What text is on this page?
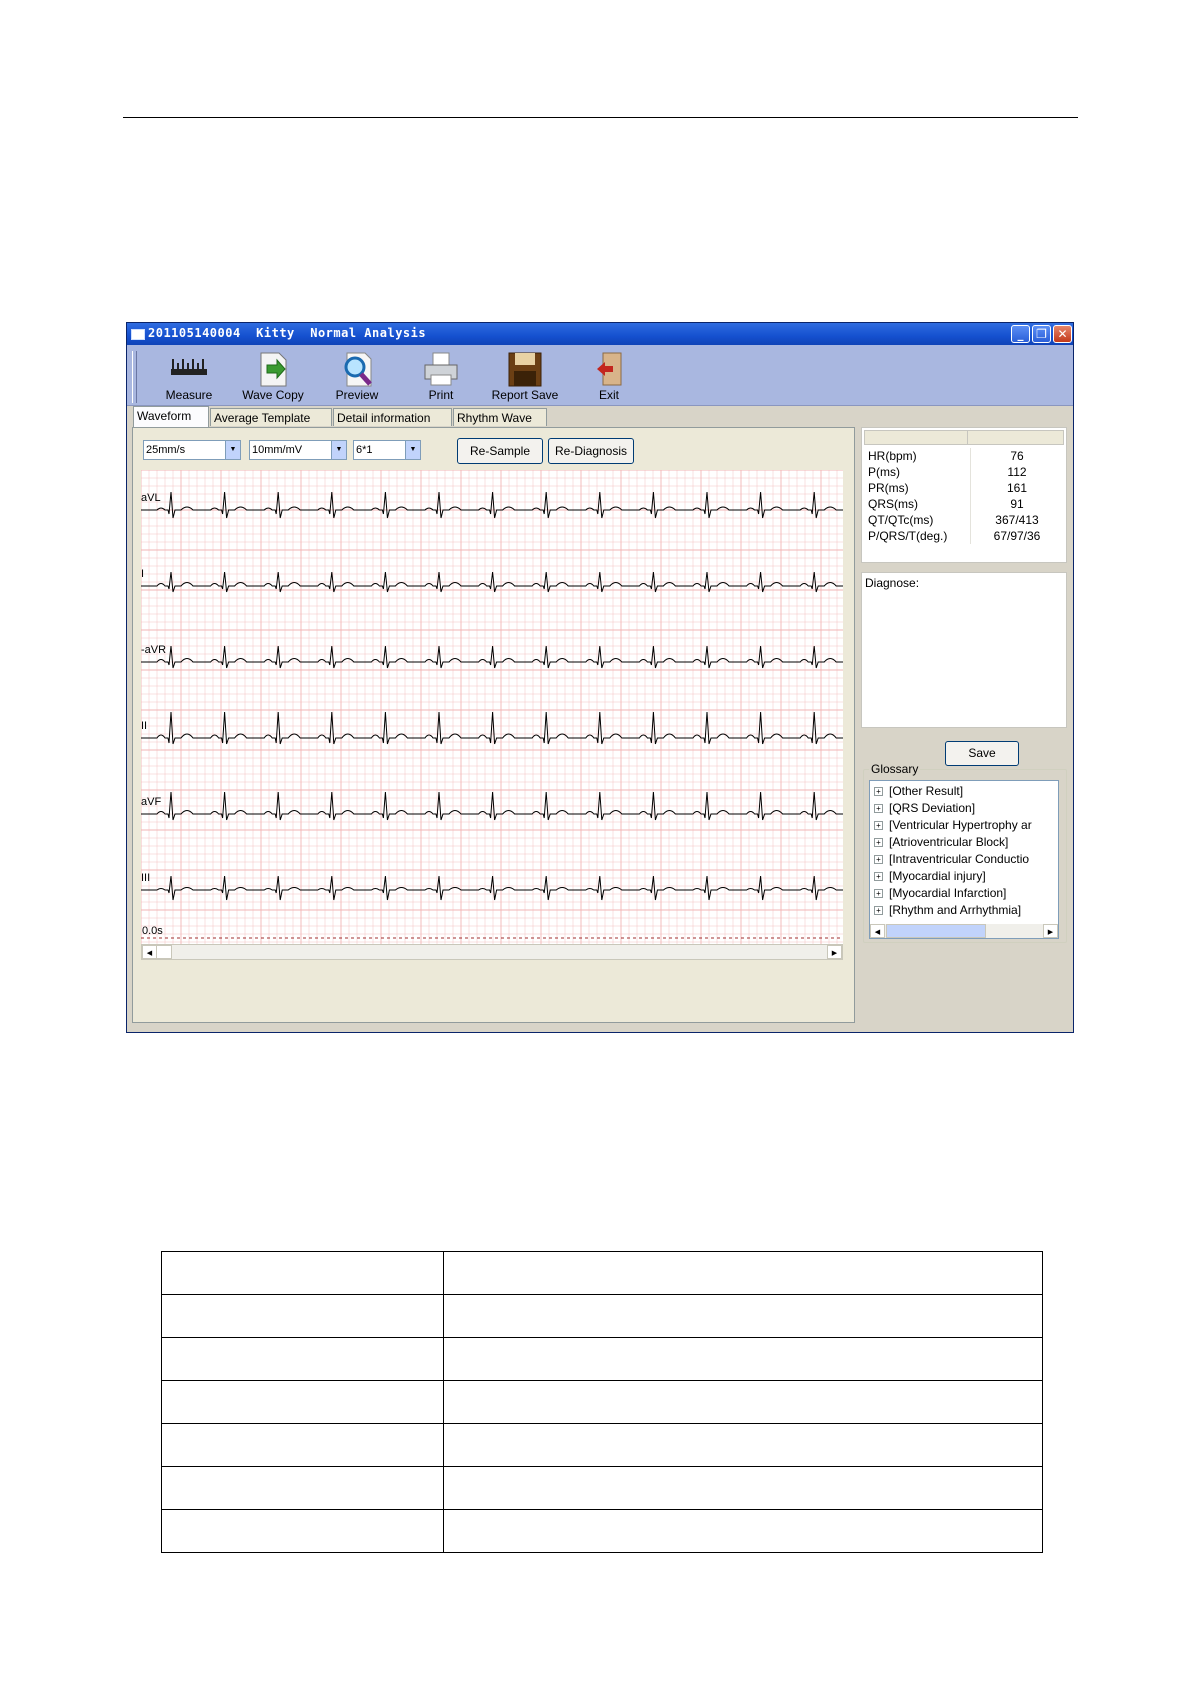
201105140004  Kitty  Normal Analysis	_	❐ ✕
Measure	Wave Copy	Preview	Print	Report Save	Exit
Waveform	Average Template	Detail information	Rhythm Wave
25mm/s	▼	10mm/mV	▼	6*1	▼	Re-Sample	Re-Diagnosis
aVL
I
-aVR
II
aVF
III
0.0s
◀	▶
HR(bpm)	76
P(ms)	112
PR(ms)	161
QRS(ms)	91
QT/QTc(ms)	367/413
P/QRS/T(deg.)	67/97/36
Diagnose:
Save
Glossary
+ [Other Result]
+ [QRS Deviation]
+ [Ventricular Hypertrophy ar
+ [Atrioventricular Block]
+ [Intraventricular Conductio
+ [Myocardial injury]
+ [Myocardial Infarction]
+ [Rhythm and Arrhythmia]
◀	▶
